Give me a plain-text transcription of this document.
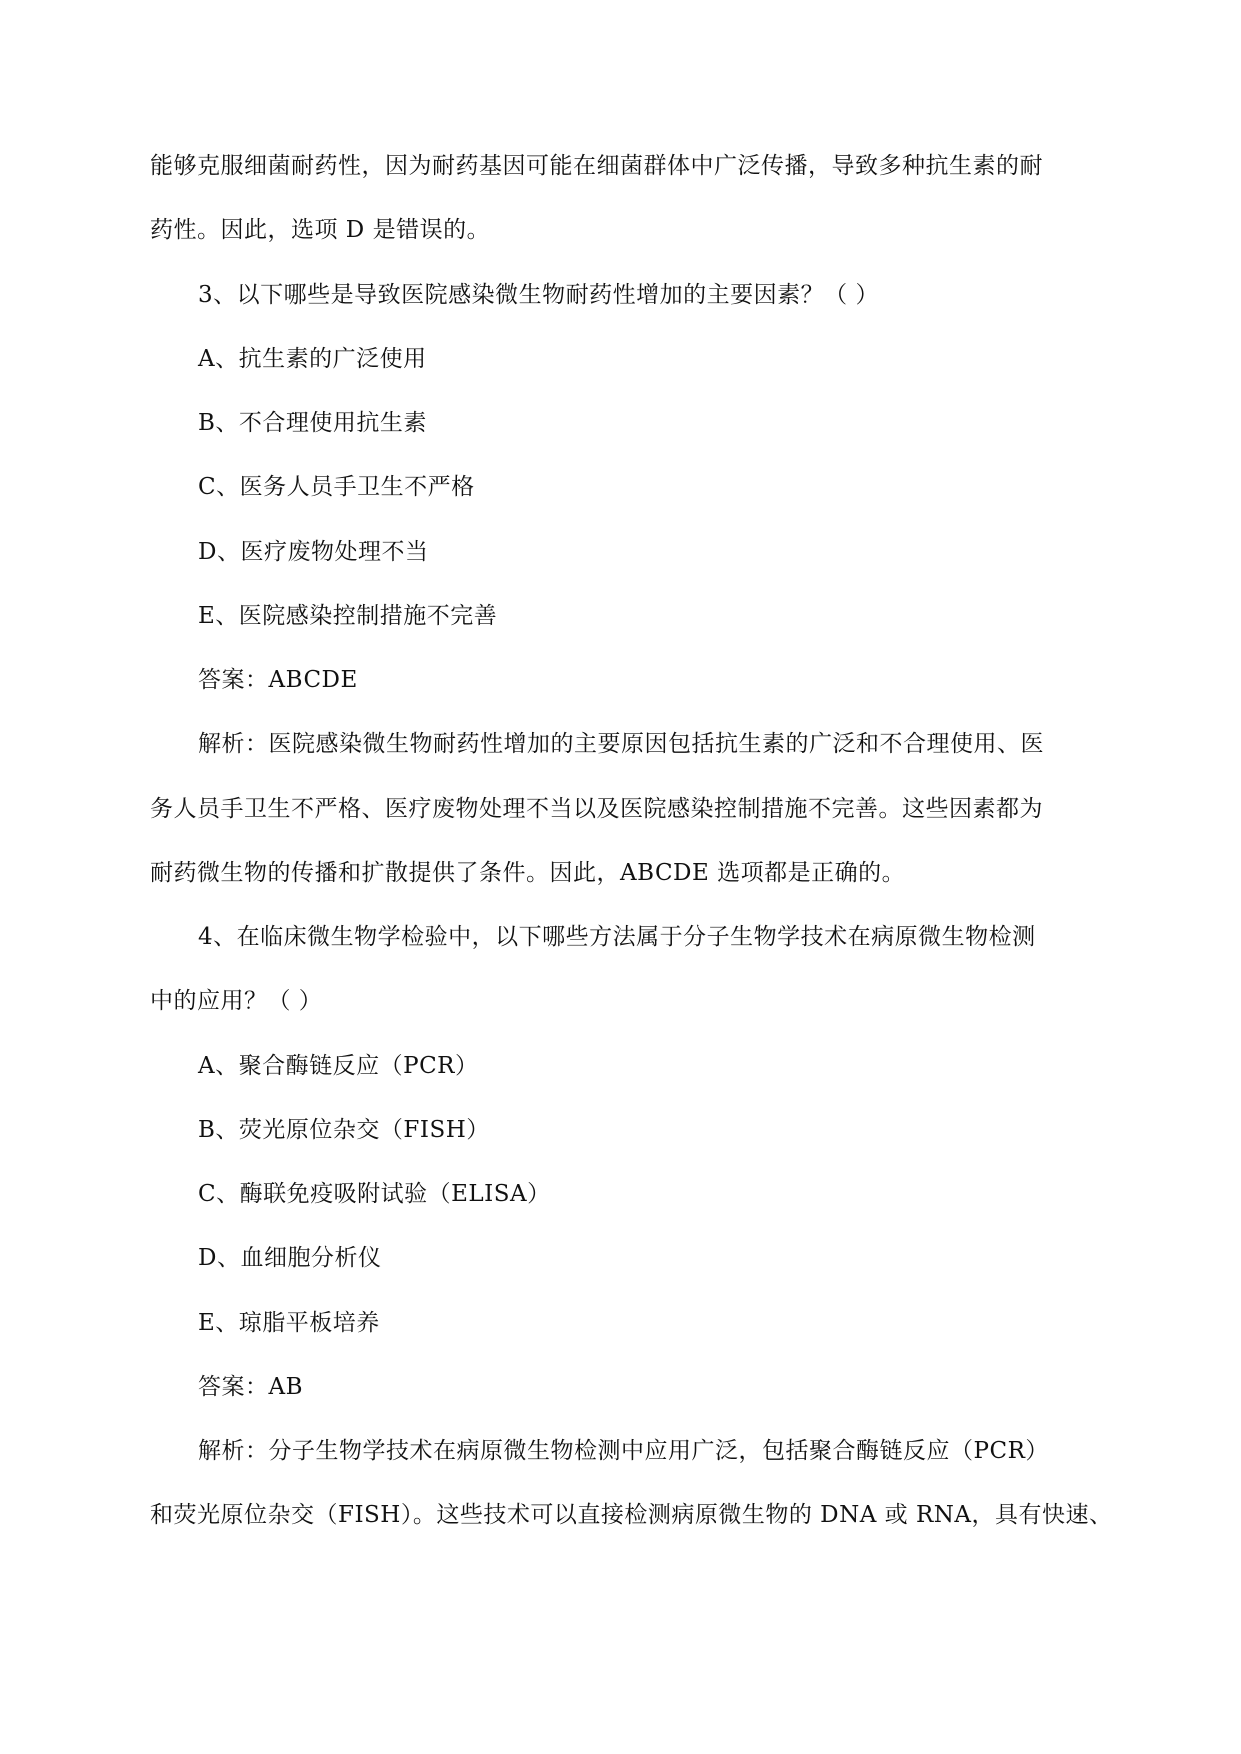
能够克服细菌耐药性，因为耐药基因可能在细菌群体中广泛传播，导致多种抗生素的耐
药性。因此，选项 D 是错误的。
3、以下哪些是导致医院感染微生物耐药性增加的主要因素？（ ）
A、抗生素的广泛使用
B、不合理使用抗生素
C、医务人员手卫生不严格
D、医疗废物处理不当
E、医院感染控制措施不完善
答案：ABCDE
解析：医院感染微生物耐药性增加的主要原因包括抗生素的广泛和不合理使用、医
务人员手卫生不严格、医疗废物处理不当以及医院感染控制措施不完善。这些因素都为
耐药微生物的传播和扩散提供了条件。因此，ABCDE 选项都是正确的。
4、在临床微生物学检验中，以下哪些方法属于分子生物学技术在病原微生物检测
中的应用？（ ）
A、聚合酶链反应（PCR）
B、荧光原位杂交（FISH）
C、酶联免疫吸附试验（ELISA）
D、血细胞分析仪
E、琼脂平板培养
答案：AB
解析：分子生物学技术在病原微生物检测中应用广泛，包括聚合酶链反应（PCR）
和荧光原位杂交（FISH）。这些技术可以直接检测病原微生物的 DNA 或 RNA，具有快速、
